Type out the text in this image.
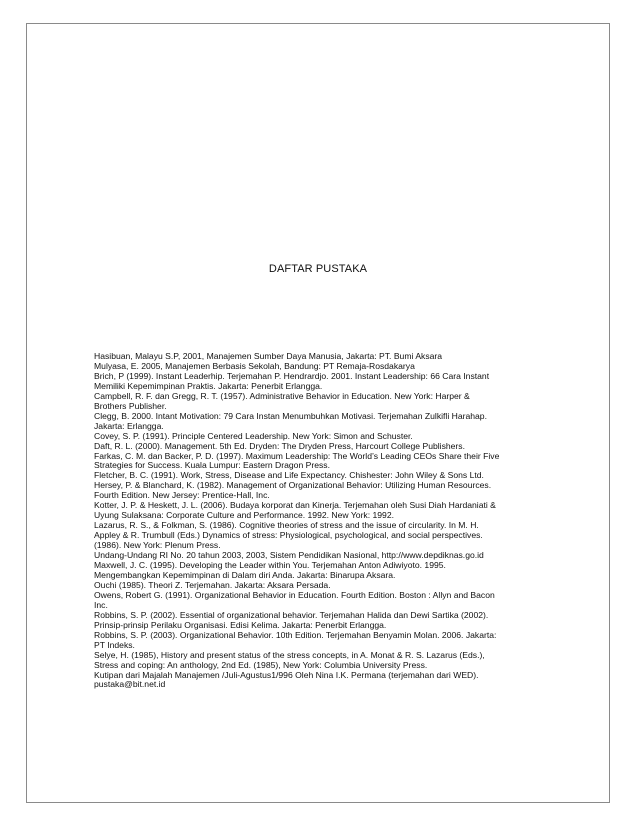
DAFTAR PUSTAKA
Hasibuan, Malayu S.P, 2001, Manajemen Sumber Daya Manusia, Jakarta: PT. Bumi Aksara
Mulyasa, E. 2005, Manajemen Berbasis Sekolah, Bandung: PT Remaja-Rosdakarya
Brich, P (1999). Instant Leaderhip. Terjemahan P. Hendrardjo. 2001. Instant Leadership: 66 Cara Instant
Memiliki Kepemimpinan Praktis. Jakarta: Penerbit Erlangga.
Campbell, R. F. dan Gregg, R. T. (1957). Administrative Behavior in Education. New York: Harper &
Brothers Publisher.
Clegg, B. 2000. Intant Motivation: 79 Cara Instan Menumbuhkan Motivasi. Terjemahan Zulkifli Harahap.
Jakarta: Erlangga.
Covey, S. P. (1991). Principle Centered Leadership. New York: Simon and Schuster.
Daft, R. L. (2000). Management. 5th Ed. Dryden: The Dryden Press, Harcourt College Publishers.
Farkas, C. M. dan Backer, P. D. (1997). Maximum Leadership: The World’s Leading CEOs Share their Five
Strategies for Success. Kuala Lumpur: Eastern Dragon Press.
Fletcher, B. C. (1991). Work, Stress, Disease and Life Expectancy. Chishester: John Wiley & Sons Ltd.
Hersey, P. & Blanchard, K. (1982). Management of Organizational Behavior: Utilizing Human Resources.
Fourth Edition. New Jersey: Prentice-Hall, Inc.
Kotter, J. P. & Heskett, J. L. (2006). Budaya korporat dan Kinerja. Terjemahan oleh Susi Diah Hardaniati &
Uyung Sulaksana: Corporate Culture and Performance. 1992. New York: 1992.
Lazarus, R. S., & Folkman, S. (1986). Cognitive theories of stress and the issue of circularity. In M. H.
Appley & R. Trumbull (Eds.) Dynamics of stress: Physiological, psychological, and social perspectives.
(1986). New York: Plenum Press.
Undang-Undang RI No. 20 tahun 2003, 2003, Sistem Pendidikan Nasional, http://www.depdiknas.go.id
Maxwell, J. C. (1995). Developing the Leader within You. Terjemahan Anton Adiwiyoto. 1995.
Mengembangkan Kepemimpinan di Dalam diri Anda. Jakarta: Binarupa Aksara.
Ouchi (1985). Theori Z. Terjemahan. Jakarta: Aksara Persada.
Owens, Robert G. (1991). Organizational Behavior in Education. Fourth Edition. Boston : Allyn and Bacon
Inc.
Robbins, S. P. (2002). Essential of organizational behavior. Terjemahan Halida dan Dewi Sartika (2002).
Prinsip-prinsip Perilaku Organisasi. Edisi Kelima. Jakarta: Penerbit Erlangga.
Robbins, S. P. (2003). Organizational Behavior. 10th Edition. Terjemahan Benyamin Molan. 2006. Jakarta:
PT Indeks.
Selye, H. (1985), History and present status of the stress concepts, in A. Monat & R. S. Lazarus (Eds.),
Stress and coping: An anthology, 2nd Ed. (1985), New York: Columbia University Press.
Kutipan dari Majalah Manajemen /Juli-Agustus1/996 Oleh Nina I.K. Permana (terjemahan dari WED).
pustaka@bit.net.id
